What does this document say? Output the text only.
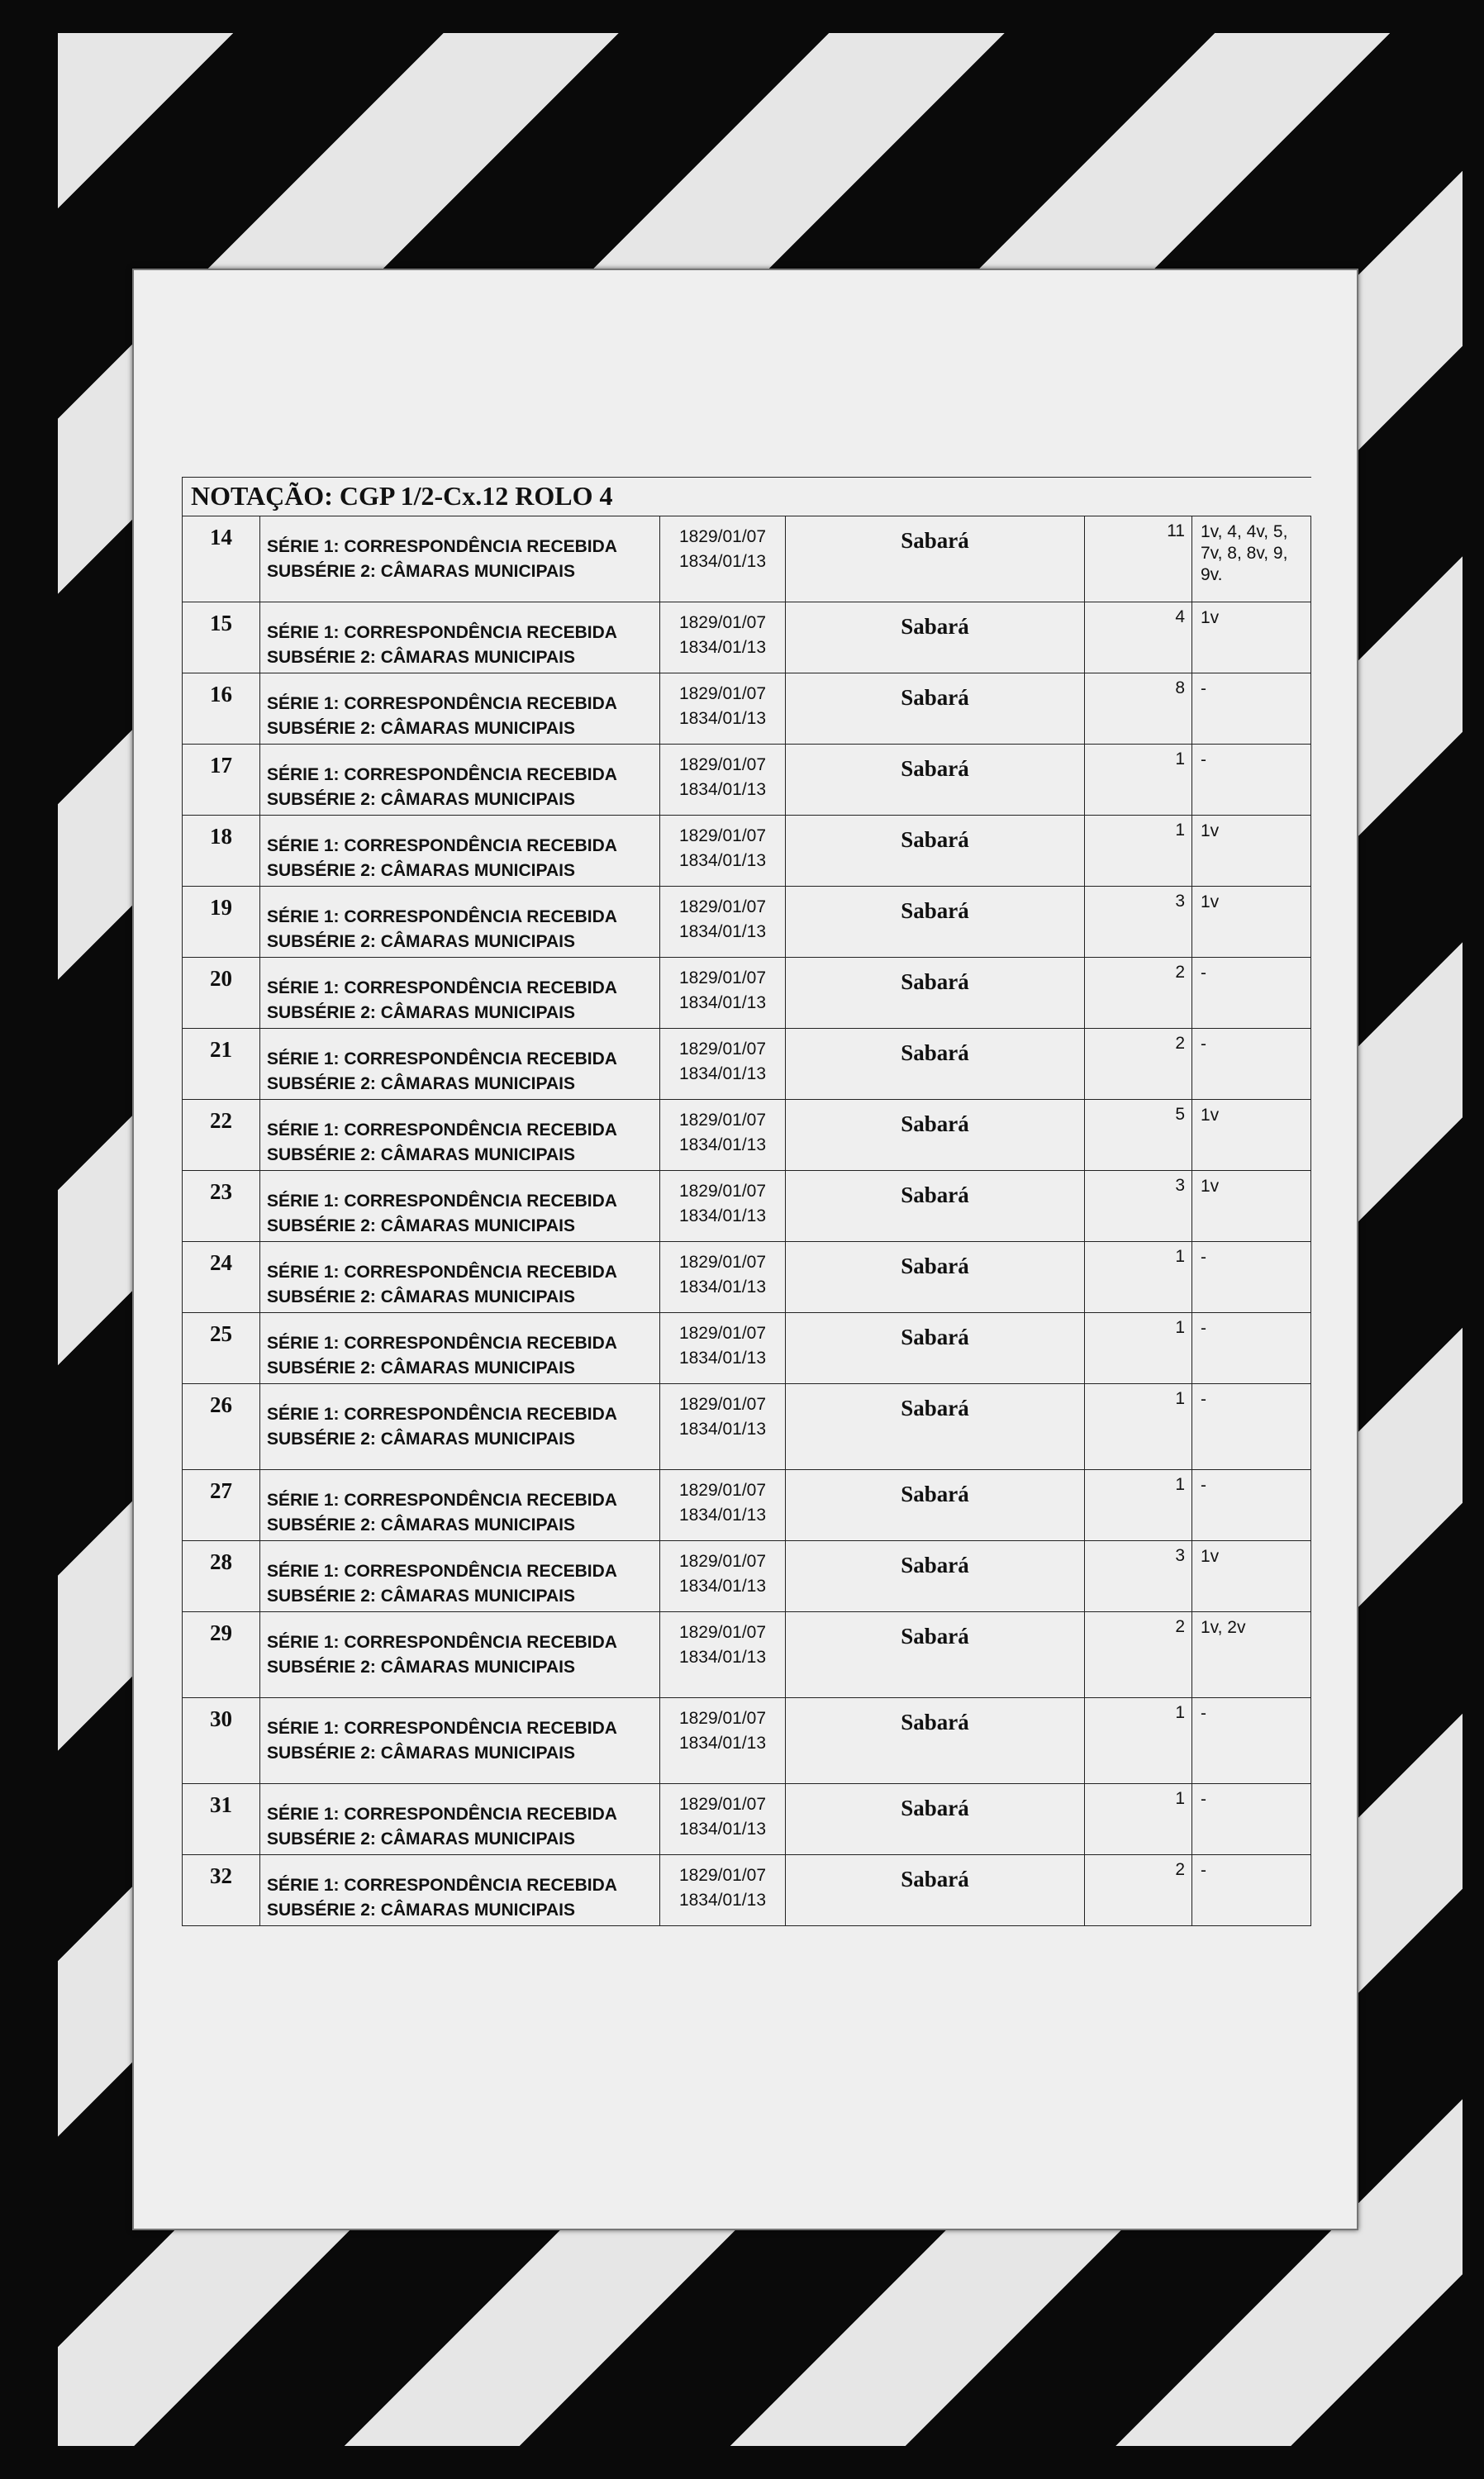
NOTAÇÃO: CGP 1/2-Cx.12 ROLO 4					
14	SÉRIE 1: CORRESPONDÊNCIA RECEBIDA
SUBSÉRIE 2: CÂMARAS MUNICIPAIS	1829/01/07
1834/01/13	Sabará	11	1v, 4, 4v, 5, 7v, 8, 8v, 9, 9v.
15	SÉRIE 1: CORRESPONDÊNCIA RECEBIDA
SUBSÉRIE 2: CÂMARAS MUNICIPAIS	1829/01/07
1834/01/13	Sabará	4	1v
16	SÉRIE 1: CORRESPONDÊNCIA RECEBIDA
SUBSÉRIE 2: CÂMARAS MUNICIPAIS	1829/01/07
1834/01/13	Sabará	8	-
17	SÉRIE 1: CORRESPONDÊNCIA RECEBIDA
SUBSÉRIE 2: CÂMARAS MUNICIPAIS	1829/01/07
1834/01/13	Sabará	1	-
18	SÉRIE 1: CORRESPONDÊNCIA RECEBIDA
SUBSÉRIE 2: CÂMARAS MUNICIPAIS	1829/01/07
1834/01/13	Sabará	1	1v
19	SÉRIE 1: CORRESPONDÊNCIA RECEBIDA
SUBSÉRIE 2: CÂMARAS MUNICIPAIS	1829/01/07
1834/01/13	Sabará	3	1v
20	SÉRIE 1: CORRESPONDÊNCIA RECEBIDA
SUBSÉRIE 2: CÂMARAS MUNICIPAIS	1829/01/07
1834/01/13	Sabará	2	-
21	SÉRIE 1: CORRESPONDÊNCIA RECEBIDA
SUBSÉRIE 2: CÂMARAS MUNICIPAIS	1829/01/07
1834/01/13	Sabará	2	-
22	SÉRIE 1: CORRESPONDÊNCIA RECEBIDA
SUBSÉRIE 2: CÂMARAS MUNICIPAIS	1829/01/07
1834/01/13	Sabará	5	1v
23	SÉRIE 1: CORRESPONDÊNCIA RECEBIDA
SUBSÉRIE 2: CÂMARAS MUNICIPAIS	1829/01/07
1834/01/13	Sabará	3	1v
24	SÉRIE 1: CORRESPONDÊNCIA RECEBIDA
SUBSÉRIE 2: CÂMARAS MUNICIPAIS	1829/01/07
1834/01/13	Sabará	1	-
25	SÉRIE 1: CORRESPONDÊNCIA RECEBIDA
SUBSÉRIE 2: CÂMARAS MUNICIPAIS	1829/01/07
1834/01/13	Sabará	1	-
26	SÉRIE 1: CORRESPONDÊNCIA RECEBIDA
SUBSÉRIE 2: CÂMARAS MUNICIPAIS	1829/01/07
1834/01/13	Sabará	1	-
27	SÉRIE 1: CORRESPONDÊNCIA RECEBIDA
SUBSÉRIE 2: CÂMARAS MUNICIPAIS	1829/01/07
1834/01/13	Sabará	1	-
28	SÉRIE 1: CORRESPONDÊNCIA RECEBIDA
SUBSÉRIE 2: CÂMARAS MUNICIPAIS	1829/01/07
1834/01/13	Sabará	3	1v
29	SÉRIE 1: CORRESPONDÊNCIA RECEBIDA
SUBSÉRIE 2: CÂMARAS MUNICIPAIS	1829/01/07
1834/01/13	Sabará	2	1v, 2v
30	SÉRIE 1: CORRESPONDÊNCIA RECEBIDA
SUBSÉRIE 2: CÂMARAS MUNICIPAIS	1829/01/07
1834/01/13	Sabará	1	-
31	SÉRIE 1: CORRESPONDÊNCIA RECEBIDA
SUBSÉRIE 2: CÂMARAS MUNICIPAIS	1829/01/07
1834/01/13	Sabará	1	-
32	SÉRIE 1: CORRESPONDÊNCIA RECEBIDA
SUBSÉRIE 2: CÂMARAS MUNICIPAIS	1829/01/07
1834/01/13	Sabará	2	-
